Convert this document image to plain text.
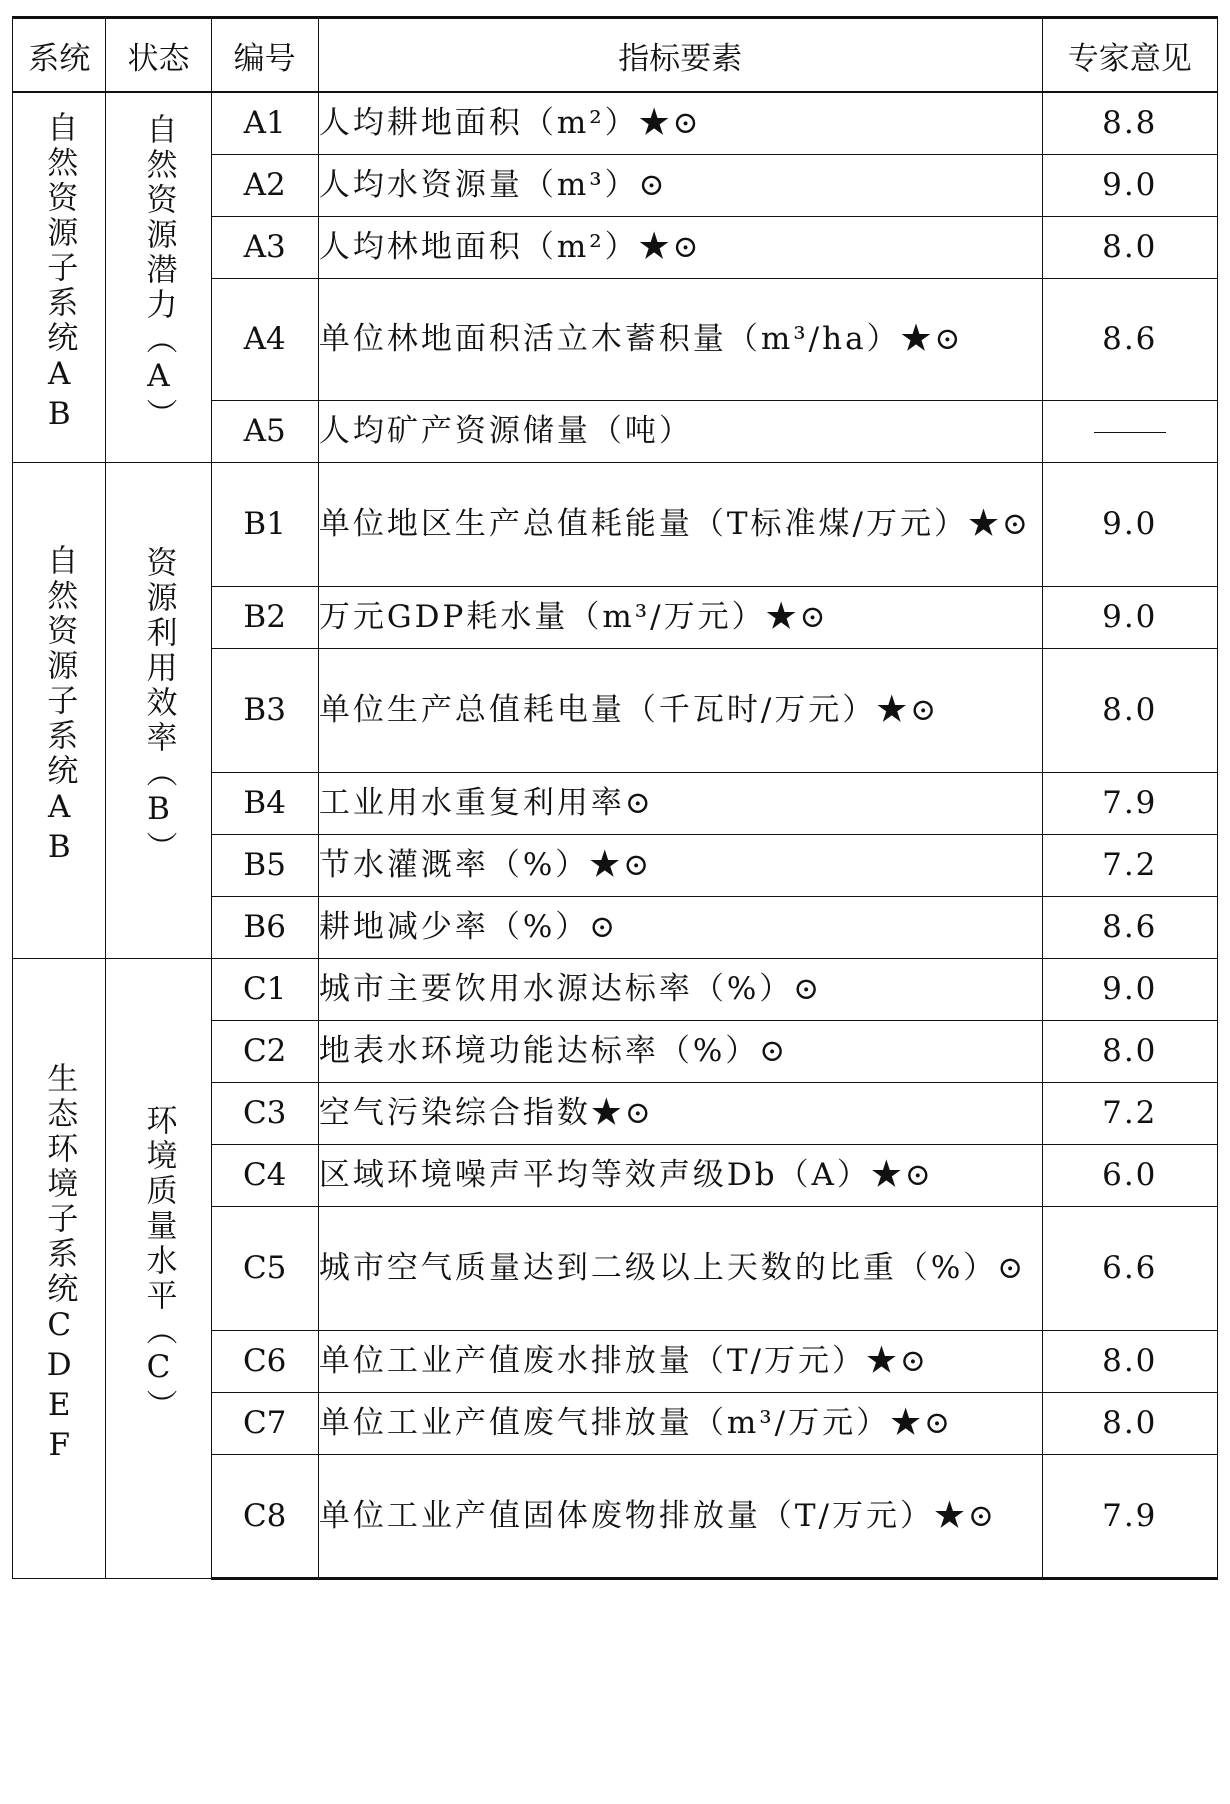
系统	状态	编号	指标要素	专家意见
自然资源子系统AB	自然资源潜力（A）	A1	人均耕地面积（m²）★⊙	8.8
		A2	人均水资源量（m³）⊙	9.0
		A3	人均林地面积（m²）★⊙	8.0
		A4	单位林地面积活立木蓄积量（m³/ha）★⊙	8.6
		A5	人均矿产资源储量（吨）	
自然资源子系统AB	资源利用效率（B）	B1	单位地区生产总值耗能量（T标准煤/万元）★⊙	9.0
		B2	万元GDP耗水量（m³/万元）★⊙	9.0
		B3	单位生产总值耗电量（千瓦时/万元）★⊙	8.0
		B4	工业用水重复利用率⊙	7.9
		B5	节水灌溉率（%）★⊙	7.2
		B6	耕地减少率（%）⊙	8.6
生态环境子系统CDEF	环境质量水平（C）	C1	城市主要饮用水源达标率（%）⊙	9.0
		C2	地表水环境功能达标率（%）⊙	8.0
		C3	空气污染综合指数★⊙	7.2
		C4	区域环境噪声平均等效声级Db（A）★⊙	6.0
		C5	城市空气质量达到二级以上天数的比重（%）⊙	6.6
		C6	单位工业产值废水排放量（T/万元）★⊙	8.0
		C7	单位工业产值废气排放量（m³/万元）★⊙	8.0
		C8	单位工业产值固体废物排放量（T/万元）★⊙	7.9
